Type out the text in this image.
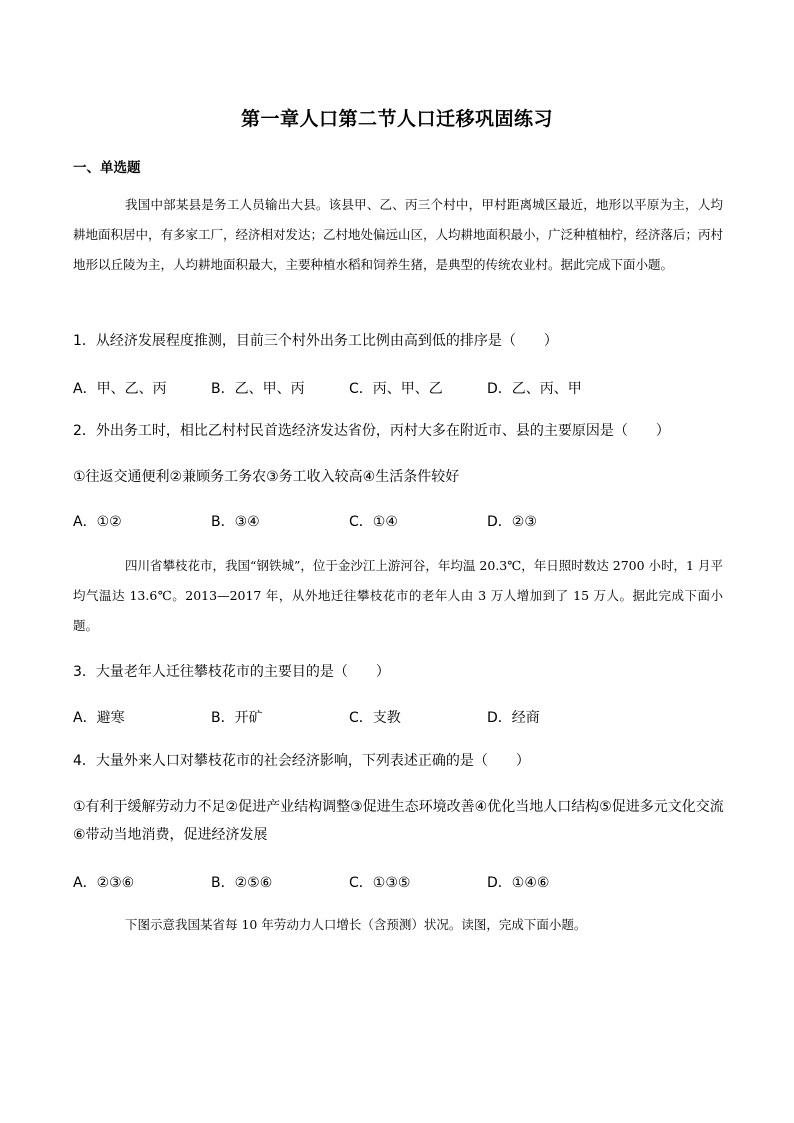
第一章人口第二节人口迁移巩固练习
一、单选题

我国中部某县是务工人员输出大县。该县甲、乙、丙三个村中，甲村距离城区最近，地形以平原为主，人均耕地面积居中，有多家工厂，经济相对发达；乙村地处偏远山区，人均耕地面积最小，广泛种植柚柠，经济落后；丙村地形以丘陵为主，人均耕地面积最大，主要种植水稻和饲养生猪，是典型的传统农业村。据此完成下面小题。

1．从经济发展程度推测，目前三个村外出务工比例由高到低的排序是（　　）
A．甲、乙、丙	B．乙、甲、丙	C．丙、甲、乙	D．乙、丙、甲
2．外出务工时，相比乙村村民首选经济发达省份，丙村大多在附近市、县的主要原因是（　　）
①往返交通便利②兼顾务工务农③务工收入较高④生活条件较好
A．①②	B．③④	C．①④	D．②③

四川省攀枝花市，我国“钢铁城”，位于金沙江上游河谷，年均温 20.3℃，年日照时数达 2700 小时，1 月平均气温达 13.6℃。2013—2017 年，从外地迁往攀枝花市的老年人由 3 万人增加到了 15 万人。据此完成下面小题。

3．大量老年人迁往攀枝花市的主要目的是（　　）
A．避寒	B．开矿	C．支教	D．经商
4．大量外来人口对攀枝花市的社会经济影响，下列表述正确的是（　　）
①有利于缓解劳动力不足②促进产业结构调整③促进生态环境改善④优化当地人口结构⑤促进多元文化交流⑥带动当地消费，促进经济发展
A．②③⑥	B．②⑤⑥	C．①③⑤	D．①④⑥

下图示意我国某省每 10 年劳动力人口增长（含预测）状况。读图，完成下面小题。
